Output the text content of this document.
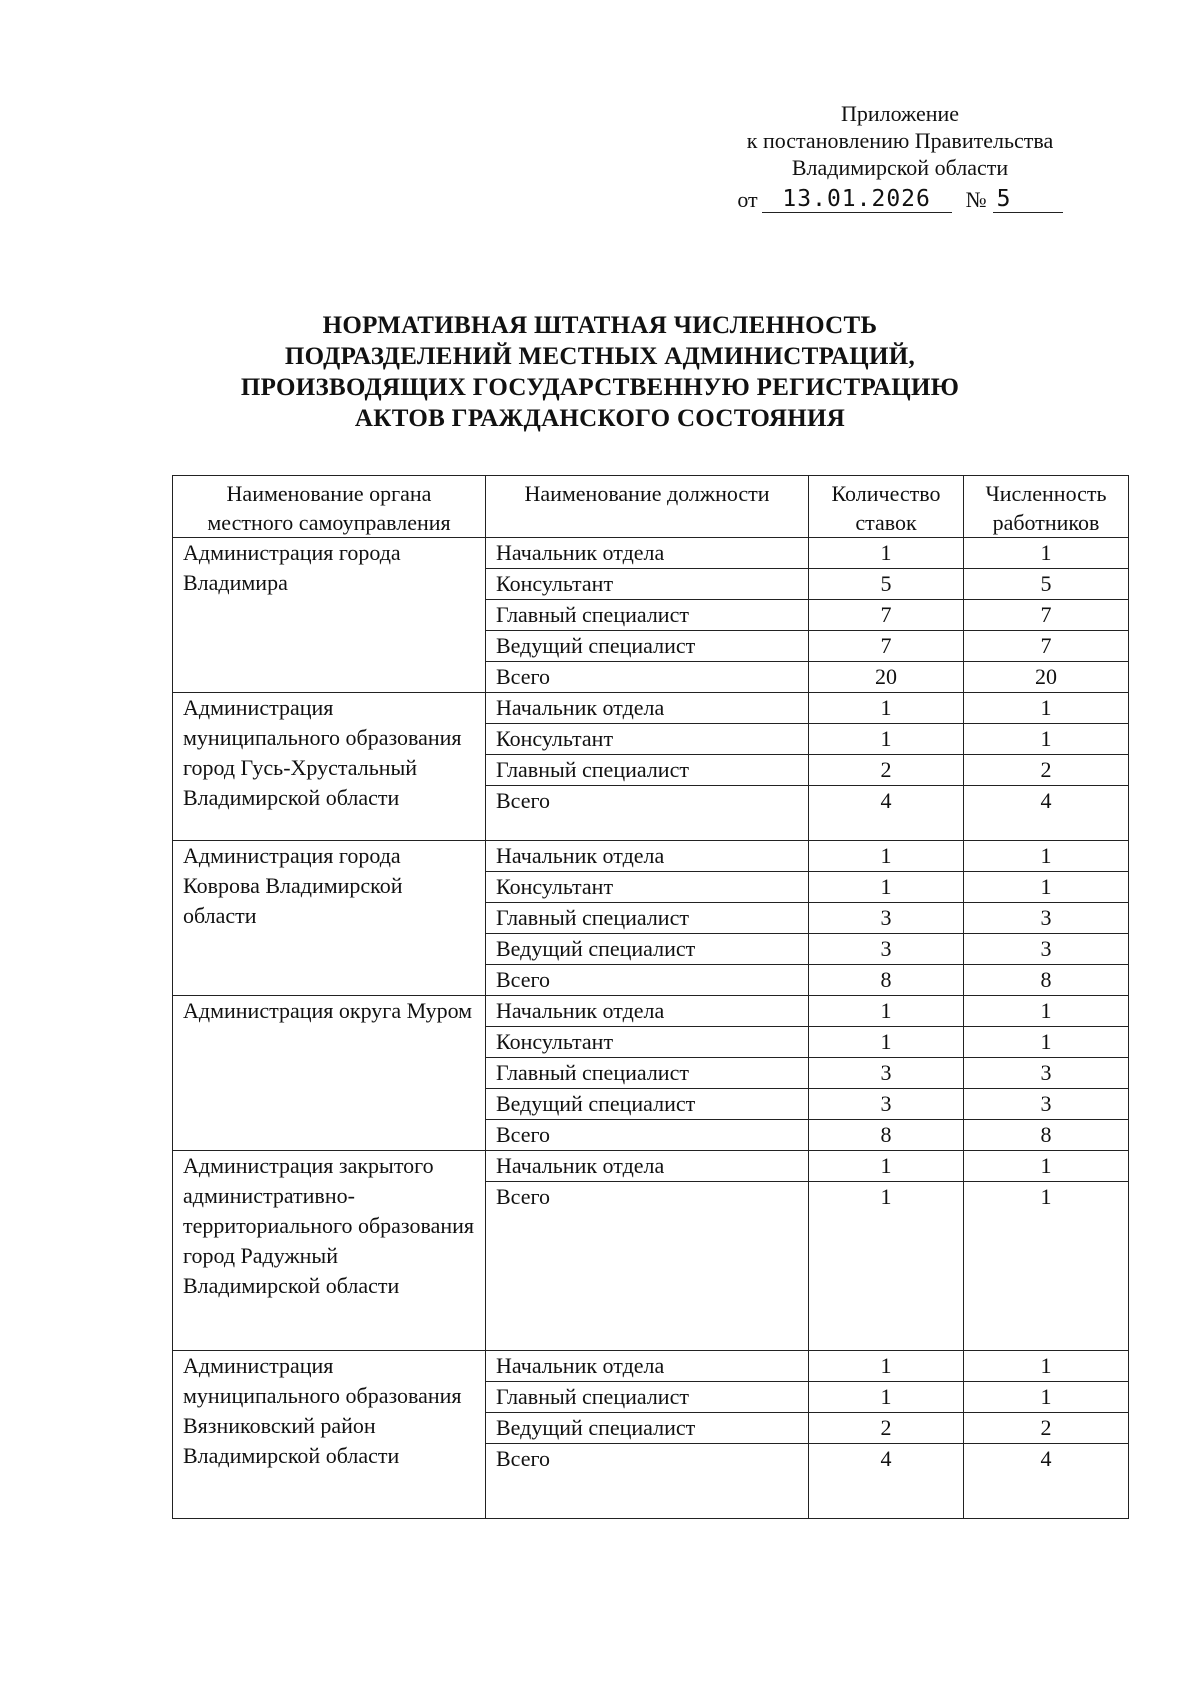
Приложение
к постановлению Правительства
Владимирской области
от	13.01.2026	№ 5
НОРМАТИВНАЯ ШТАТНАЯ ЧИСЛЕННОСТЬ
ПОДРАЗДЕЛЕНИЙ МЕСТНЫХ АДМИНИСТРАЦИЙ,
ПРОИЗВОДЯЩИХ ГОСУДАРСТВЕННУЮ РЕГИСТРАЦИЮ
АКТОВ ГРАЖДАНСКОГО СОСТОЯНИЯ
Наименование органа местного самоуправления	Наименование должности	Количество ставок	Численность работников
Администрация города Владимира	Начальник отдела	1	1
	Консультант	5	5
	Главный специалист	7	7
	Ведущий специалист	7	7
	Всего	20	20
Администрация муниципального образования город Гусь-Хрустальный Владимирской области	Начальник отдела	1	1
	Консультант	1	1
	Главный специалист	2	2
	Всего	4	4
Администрация города Коврова Владимирской области	Начальник отдела	1	1
	Консультант	1	1
	Главный специалист	3	3
	Ведущий специалист	3	3
	Всего	8	8
Администрация округа Муром	Начальник отдела	1	1
	Консультант	1	1
	Главный специалист	3	3
	Ведущий специалист	3	3
	Всего	8	8
Администрация закрытого административно-территориального образования город Радужный Владимирской области	Начальник отдела	1	1
	Всего	1	1
Администрация муниципального образования Вязниковский район Владимирской области	Начальник отдела	1	1
	Главный специалист	1	1
	Ведущий специалист	2	2
	Всего	4	4
